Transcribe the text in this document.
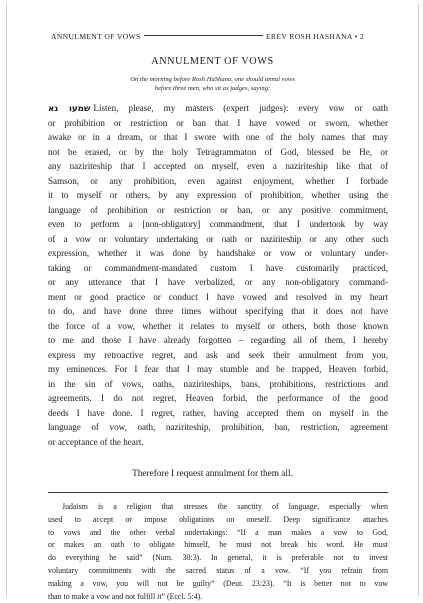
ANNULMENT OF VOWS	EREV ROSH HASHANA • 2
ANNULMENT OF VOWS
On the morning before Rosh HaShana, one should annul vows
before three men, who sit as judges, saying:
שמעו נא Listen, please, my masters (expert judges): every vow or oath
or prohibition or restriction or ban that I have vowed or sworn, whether
awake or in a dream, or that I swore with one of the holy names that may
not be erased, or by the holy Tetragrammaton of God, blessed be He, or
any naziriteship that I accepted on myself, even a naziriteship like that of
Samson, or any prohibition, even against enjoyment, whether I forbade
it to myself or others, by any expression of prohibition, whether using the
language of prohibition or restriction or ban, or any positive commitment,
even to perform a [non-obligatory] commandment, that I undertook by way
of a vow or voluntary undertaking or oath or naziriteship or any other such
expression, whether it was done by handshake or vow or voluntary under-
taking or commandment-mandated custom I have customarily practiced,
or any utterance that I have verbalized, or any non-obligatory command-
ment or good practice or conduct I have vowed and resolved in my heart
to do, and have done three times without specifying that it does not have
the force of a vow, whether it relates to myself or others, both those known
to me and those I have already forgotten – regarding all of them, I hereby
express my retroactive regret, and ask and seek their annulment from you,
my eminences. For I fear that I may stumble and be trapped, Heaven forbid,
in the sin of vows, oaths, naziriteships, bans, prohibitions, restrictions and
agreements. I do not regret, Heaven forbid, the performance of the good
deeds I have done. I regret, rather, having accepted them on myself in the
language of vow, oath, naziriteship, prohibition, ban, restriction, agreement
or acceptance of the heart.
Therefore I request annulment for them all.
Judaism is a religion that stresses the sanctity of language, especially when
used to accept or impose obligations on oneself. Deep significance attaches
to vows and the other verbal undertakings: “If a man makes a vow to God,
or makes an oath to obligate himself, he must not break his word. He must
do everything he said” (Num. 30:3). In general, it is preferable not to invest
voluntary commitments with the sacred status of a vow. “If you refrain from
making a vow, you will not be guilty” (Deut. 23:23). “It is better not to vow
than to make a vow and not fulfill it” (Eccl. 5:4).
